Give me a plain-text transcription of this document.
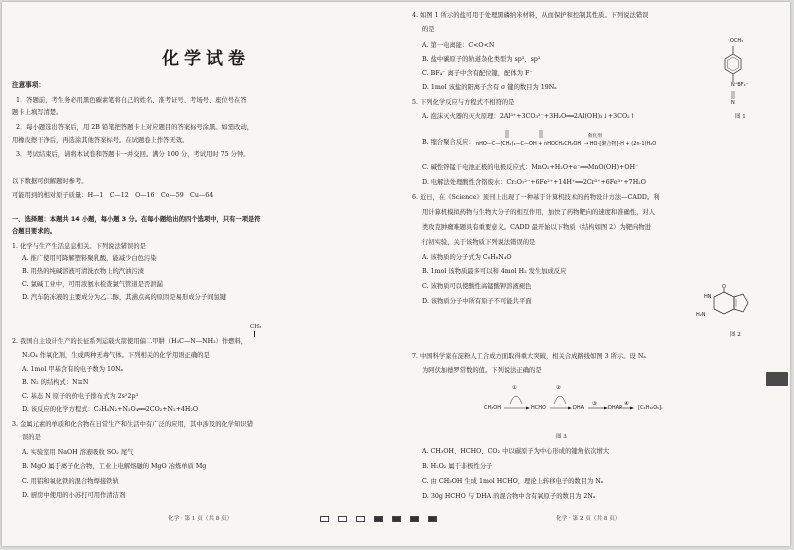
化学试卷
注意事项：
1．答题前，考生务必用黑色碳素笔将自己的姓名、准考证号、考场号、座位号在答
题卡上填写清楚。
2．每小题选出答案后，用 2B 铅笔把答题卡上对应题目的答案标号涂黑。如需改动，
用橡皮擦干净后，再选涂其他答案标号。在试题卷上作答无效。
3．考试结束后，请将本试卷和答题卡一并交回。满分 100 分，考试用时 75 分钟。
以下数据可供解题时参考。
可能用到的相对原子质量：H—1　C—12　O—16　Co—59　Cu—64
一、选择题：本题共 14 小题，每小题 3 分。在每小题给出的四个选项中，只有一项是符
合题目要求的。
1. 化学与生产生活息息相关。下列说法错误的是
A. 推广使用可降解塑料聚乳酸，能减少白色污染
B. 用热的纯碱溶液可清洗衣物上的汽油污渍
C. 氯碱工业中，可用浓氨水检查氯气管道是否泄漏
D. 汽车防冻液的主要成分为乙二醇，其沸点高的原因是易形成分子间氢键
CH₃
2. 我国自主设计生产的长征系列运载火箭使用偏二甲肼（H₃C—N—NH₂）作燃料，
N₂O₄ 作氧化剂，生成两种无毒气体。下列相关的化学用语正确的是
A. 1mol 甲基含有的电子数为 10Nₐ
B. N₂ 的结构式：N≡N
C. 基态 N 原子的价电子排布式为 2s²2p³
D. 该反应的化学方程式：C₂H₈N₂+N₂O₄══2CO₂+N₂+4H₂O
3. 金属元素的单质和化合物在日常生产和生活中有广泛的应用，其中涉及的化学知识错
误的是
A. 实验室用 NaOH 溶液吸收 SO₂ 尾气
B. MgO 属于离子化合物，工业上电解熔融的 MgO 冶炼单质 Mg
C. 用铝和氧化铁的混合物焊接铁轨
D. 厨房中使用的小苏打可用作清洁剂
化学 · 第 1 页（共 8 页）
4. 如图 1 所示的盐可用于处理黑磷纳米材料，从而保护和控制其性质。下列说法错误
的是
A. 第一电离能：C<O<N
B. 盐中碳原子的轨道杂化类型为 sp³、sp²
C. BF₄⁻ 离子中含有配位键，配体为 F⁻
D. 1mol 该盐的阳离子含有 σ 键的数目为 19Nₐ
OCH₃
N⁺BF₄⁻
N
图 1
5. 下列化学反应与方程式不相符的是
A. 泡沫灭火器的灭火原理：2Al³⁺+3CO₃²⁻+3H₂O══2Al(OH)₃↓+3CO₂↑
B. 缩合聚合反应： nHO—C—(CH₂)₄—C—OH + nHOCH₂CH₂OH
催化剂
→ HO-[聚合物]-H + (2n-1)H₂O
C. 碱性锌锰干电池正极的电极反应式：MnO₂+H₂O+e⁻══MnO(OH)+OH⁻
D. 电解法处理酸性含铬废水：Cr₂O₇²⁻+6Fe²⁺+14H⁺══2Cr³⁺+6Fe³⁺+7H₂O
6. 近日，在《Science》顶刊上出现了一种基于计算机技术的药物设计方法—CADD。利
用计算机模拟药物与生物大分子的相互作用，加快了药物靶向的速度和准确性，对人
类攻克肿瘤难题具有重要意义。CADD 最开始以下物质（结构如图 2）为靶向物进
行初实验，关于该物质下列说法错误的是
A. 该物质的分子式为 C₆H₆N₄O
B. 1mol 该物质最多可以和 4mol H₂ 发生加成反应
C. 该物质可以使酸性高锰酸钾溶液褪色
D. 该物质分子中所有原子不可能共平面
O
HN
H₂N
图 2
7. 中国科学家在淀粉人工合成方面取得重大突破，相关合成路线如图 3 所示。设 Nₐ
为阿伏加德罗常数的值。下列说法正确的是
①	②
③	④
CH₃OH	HCHO	DHA	DHAP	[C₆H₁₀O₅]ₙ
图 3
A. CH₃OH、HCHO、CO₂ 中以碳原子为中心形成的键角依次增大
B. H₂O₂ 属于非极性分子
C. 由 CH₃OH 生成 1mol HCHO，理论上转移电子的数目为 Nₐ
D. 30g HCHO 与 DHA 的混合物中含有氧原子的数目为 2Nₐ
化学 · 第 2 页（共 8 页）
